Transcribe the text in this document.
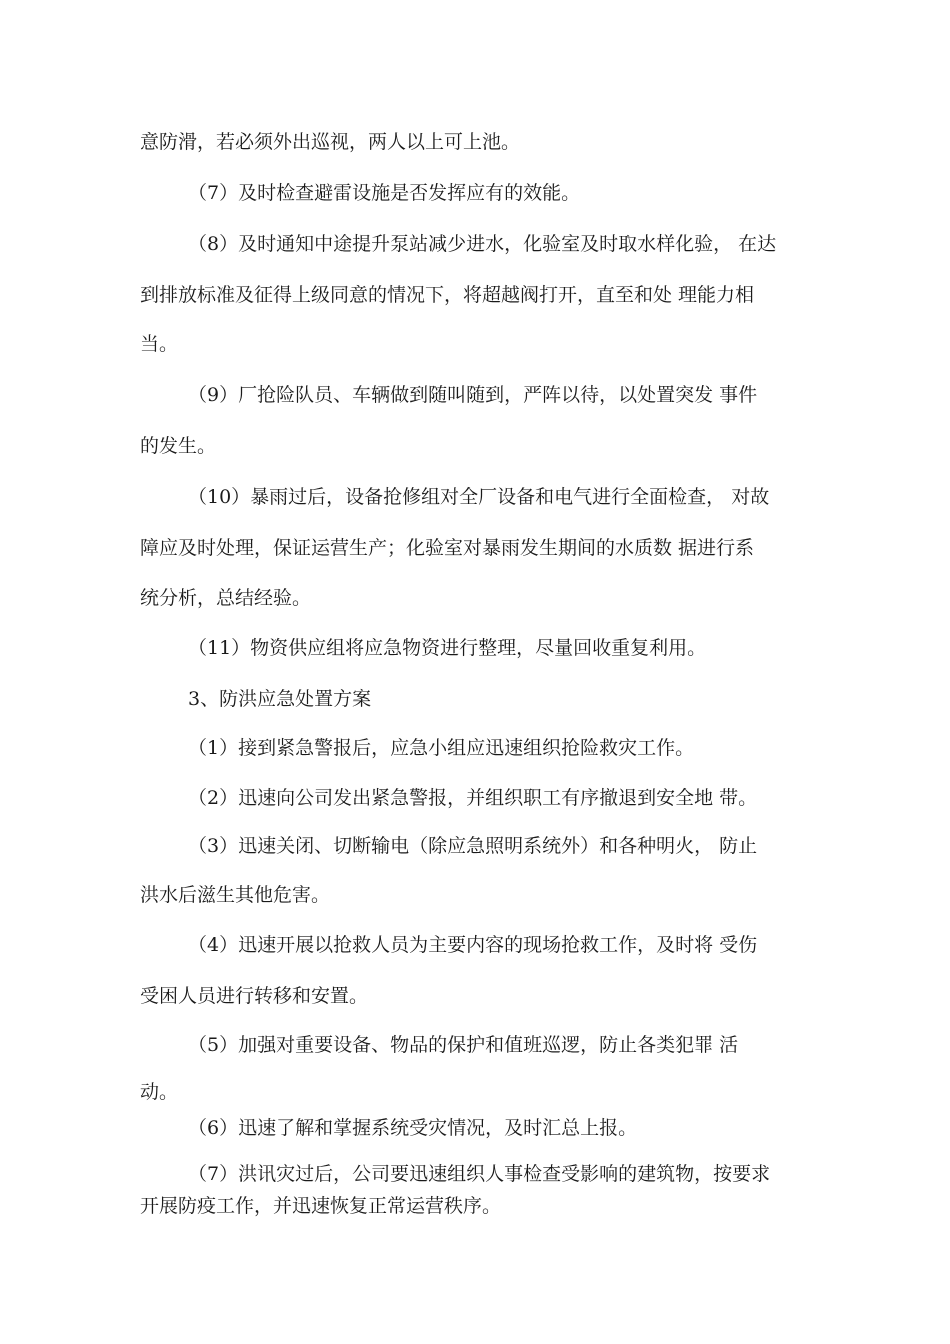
意防滑，若必须外出巡视，两人以上可上池。
（7）及时检查避雷设施是否发挥应有的效能。
（8）及时通知中途提升泵站减少进水，化验室及时取水样化验， 在达
到排放标准及征得上级同意的情况下，将超越阀打开，直至和处 理能力相
当。
（9）厂抢险队员、车辆做到随叫随到，严阵以待，以处置突发 事件
的发生。
（10）暴雨过后，设备抢修组对全厂设备和电气进行全面检查， 对故
障应及时处理，保证运营生产；化验室对暴雨发生期间的水质数 据进行系
统分析，总结经验。
（11）物资供应组将应急物资进行整理，尽量回收重复利用。
3、防洪应急处置方案
（1）接到紧急警报后，应急小组应迅速组织抢险救灾工作。
（2）迅速向公司发出紧急警报，并组织职工有序撤退到安全地 带。
（3）迅速关闭、切断输电（除应急照明系统外）和各种明火， 防止
洪水后滋生其他危害。
（4）迅速开展以抢救人员为主要内容的现场抢救工作，及时将 受伤
受困人员进行转移和安置。
（5）加强对重要设备、物品的保护和值班巡逻，防止各类犯罪 活
动。
（6）迅速了解和掌握系统受灾情况，及时汇总上报。
（7）洪讯灾过后，公司要迅速组织人事检查受影响的建筑物，按要求
开展防疫工作，并迅速恢复正常运营秩序。
